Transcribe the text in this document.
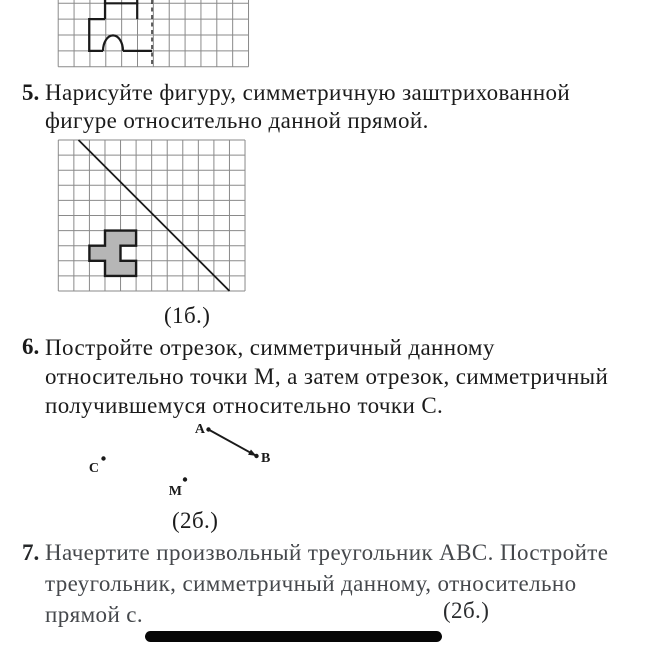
5. Нарисуйте фигуру, симметричную заштрихованной
фигуре относительно данной прямой.
(1б.)
6. Постройте отрезок, симметричный данному
относительно точки М, а затем отрезок, симметричный
получившемуся относительно точки С.
A
B
C
M
(2б.)
7. Начертите произвольный треугольник АВС. Постройте
треугольник, симметричный данному, относительно
прямой с.	(2б.)
